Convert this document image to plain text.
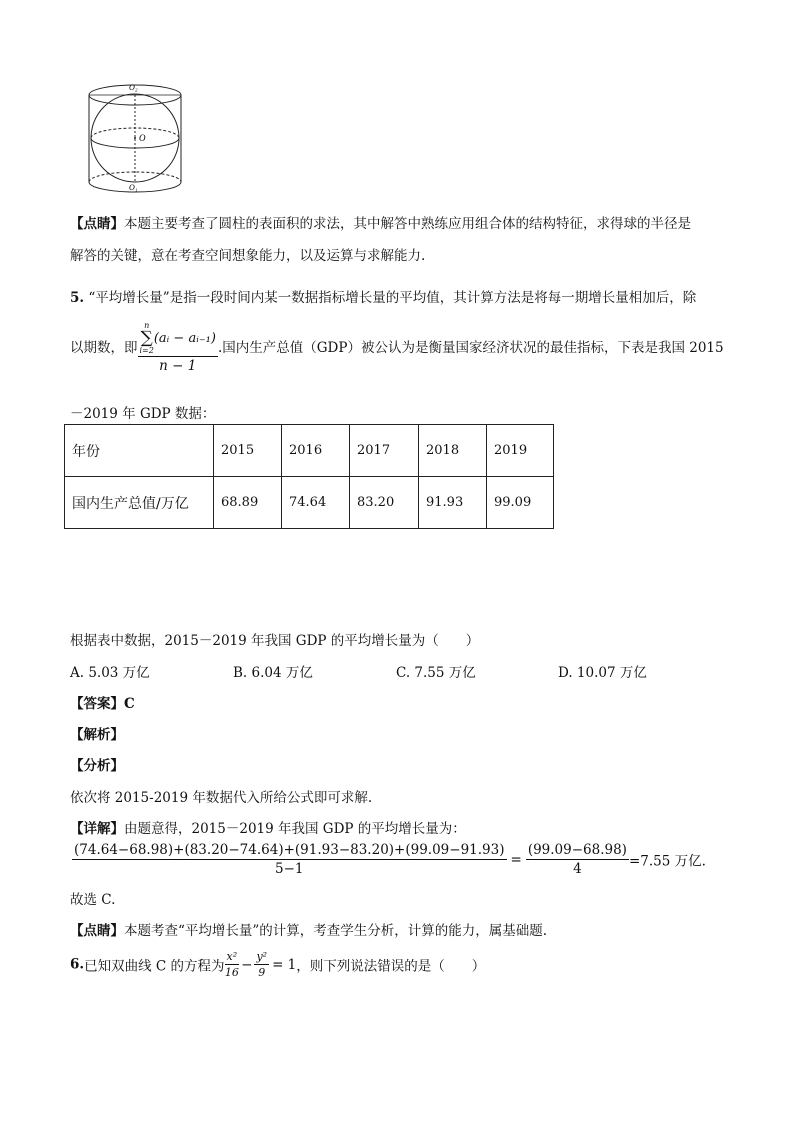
O₂
O
O₁
【点睛】本题主要考查了圆柱的表面积的求法，其中解答中熟练应用组合体的结构特征，求得球的半径是
解答的关键，意在考查空间想象能力，以及运算与求解能力.
5. “平均增长量”是指一段时间内某一数据指标增长量的平均值，其计算方法是将每一期增长量相加后，除
以期数，即 n
∑
i=2
(aᵢ − aᵢ₋₁)
n − 1 .国内生产总值（GDP）被公认为是衡量国家经济状况的最佳指标，下表是我国 2015
－2019 年 GDP 数据：
年份	2015	2016	2017	2018	2019
国内生产总值/万亿	68.89	74.64	83.20	91.93	99.09
根据表中数据，2015－2019 年我国 GDP 的平均增长量为（　　）
A. 5.03 万亿	B. 6.04 万亿	C. 7.55 万亿	D. 10.07 万亿
【答案】C
【解析】
【分析】
依次将 2015-2019 年数据代入所给公式即可求解.
【详解】由题意得，2015－2019 年我国 GDP 的平均增长量为：
$\frac{(74.64-68.98)+(83.20-74.64)+(91.93-83.20)+(99.09-91.93)}{5-1} = \frac{(99.09-68.98)}{4} =7.55$ 万亿.
故选 C.
【点睛】本题考查“平均增长量”的计算，考查学生分析，计算的能力，属基础题.
6.已知双曲线 C 的方程为 $\frac{\text{x²}}{16} - \frac{\text{y²}}{9} = 1$，则下列说法错误的是（　　）
